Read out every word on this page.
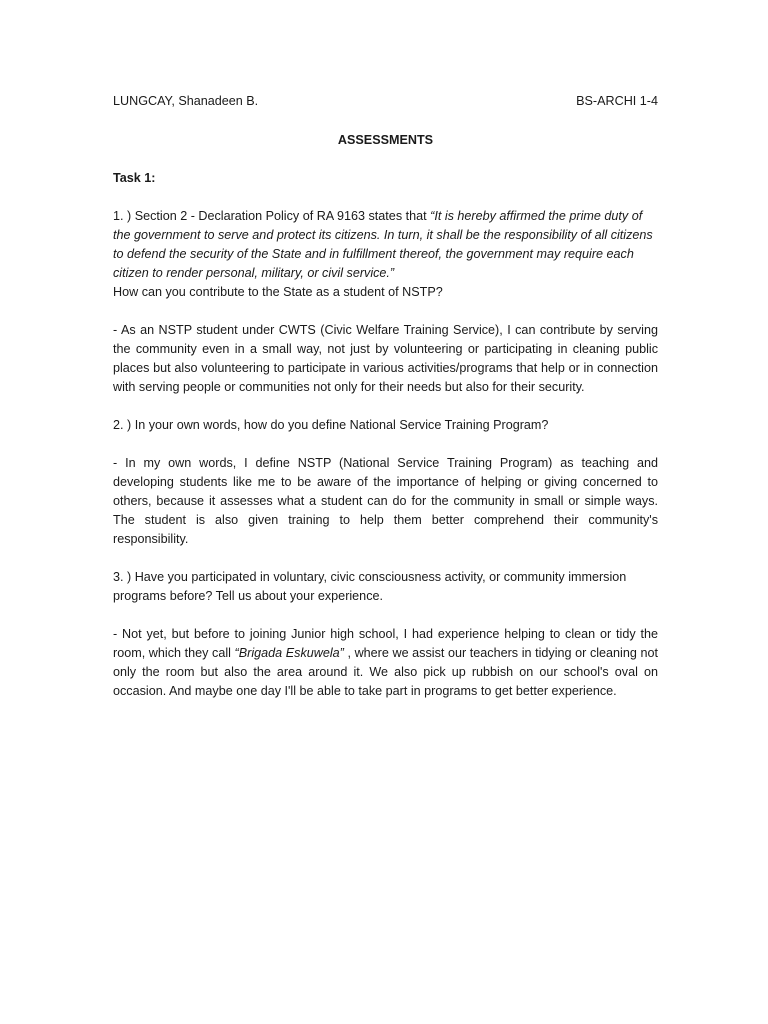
LUNGCAY, Shanadeen B.	BS-ARCHI 1-4
ASSESSMENTS
Task 1:
1. ) Section 2 - Declaration Policy of RA 9163 states that “It is hereby affirmed the prime duty of the government to serve and protect its citizens. In turn, it shall be the responsibility of all citizens to defend the security of the State and in fulfillment thereof, the government may require each citizen to render personal, military, or civil service.”
How can you contribute to the State as a student of NSTP?
- As an NSTP student under CWTS (Civic Welfare Training Service), I can contribute by serving the community even in a small way, not just by volunteering or participating in cleaning public places but also volunteering to participate in various activities/programs that help or in connection with serving people or communities not only for their needs but also for their security.
2. ) In your own words, how do you define National Service Training Program?
- In my own words, I define NSTP (National Service Training Program) as teaching and developing students like me to be aware of the importance of helping or giving concerned to others, because it assesses what a student can do for the community in small or simple ways. The student is also given training to help them better comprehend their community's responsibility.
3. ) Have you participated in voluntary, civic consciousness activity, or community immersion programs before? Tell us about your experience.
- Not yet, but before to joining Junior high school, I had experience helping to clean or tidy the room, which they call “Brigada Eskuwela” , where we assist our teachers in tidying or cleaning not only the room but also the area around it. We also pick up rubbish on our school's oval on occasion. And maybe one day I'll be able to take part in programs to get better experience.
